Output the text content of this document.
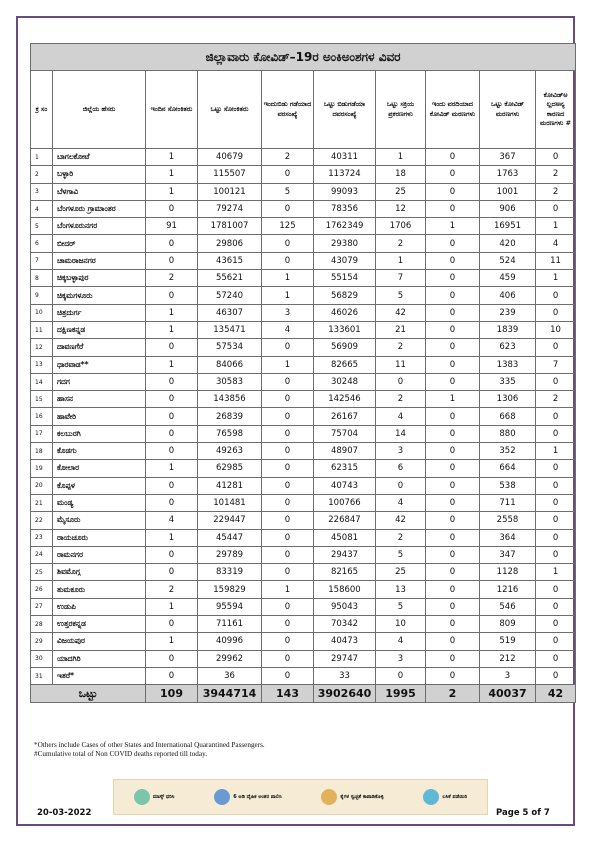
ಜಿಲ್ಲಾವಾರು ಕೋವಿಡ್–19ರ ಅಂಕಿಅಂಶಗಳ ವಿವರ									
ಕ್ರ ಸಂ	ಜಿಲ್ಲೆಯ ಹೆಸರು	ಇಂದಿನ ಸೋಂಕಿತರು	ಒಟ್ಟು ಸೋಂಕಿತರು	ಇಂದುಬಿಡು ಗಡೆಯಾದ ವರಸಂಖ್ಯೆ	ಒಟ್ಟು ಬಿಡುಗಡೆಯಾ ದವರಸಂಖ್ಯೆ	ಒಟ್ಟು ಸಕ್ರಿಯ ಪ್ರಕರಣಗಳು	ಇಂದು ವರದಿಯಾದ ಕೋವಿಡ್ ಮರಣಗಳು	ಒಟ್ಟು ಕೋವಿಡ್ ಮರಣಗಳು	ಕೋವಿಡ್‌ಅ ಲ್ಲದಅನ್ಯ ಕಾರಣದ ಮರಣಗಳು #
1	ಬಾಗಲಕೋಟೆ	1	40679	2	40311	1	0	367	0
2	ಬಳ್ಳಾರಿ	1	115507	0	113724	18	0	1763	2
3	ಬೆಳಗಾವಿ	1	100121	5	99093	25	0	1001	2
4	ಬೆಂಗಳೂರು ಗ್ರಾಮಾಂತರ	0	79274	0	78356	12	0	906	0
5	ಬೆಂಗಳೂರುನಗರ	91	1781007	125	1762349	1706	1	16951	1
6	ಬೀದರ್	0	29806	0	29380	2	0	420	4
7	ಚಾಮರಾಜನಗರ	0	43615	0	43079	1	0	524	11
8	ಚಿಕ್ಕಬಳ್ಳಾಪುರ	2	55621	1	55154	7	0	459	1
9	ಚಿಕ್ಕಮಗಳೂರು	0	57240	1	56829	5	0	406	0
10	ಚಿತ್ರದುರ್ಗ	1	46307	3	46026	42	0	239	0
11	ದಕ್ಷಿಣಕನ್ನಡ	1	135471	4	133601	21	0	1839	10
12	ದಾವಣಗೆರೆ	0	57534	0	56909	2	0	623	0
13	ಧಾರವಾಡ**	1	84066	1	82665	11	0	1383	7
14	ಗದಗ	0	30583	0	30248	0	0	335	0
15	ಹಾಸನ	0	143856	0	142546	2	1	1306	2
16	ಹಾವೇರಿ	0	26839	0	26167	4	0	668	0
17	ಕಲಬುರಗಿ	0	76598	0	75704	14	0	880	0
18	ಕೊಡಗು	0	49263	0	48907	3	0	352	1
19	ಕೋಲಾರ	1	62985	0	62315	6	0	664	0
20	ಕೊಪ್ಪಳ	0	41281	0	40743	0	0	538	0
21	ಮಂಡ್ಯ	0	101481	0	100766	4	0	711	0
22	ಮೈಸೂರು	4	229447	0	226847	42	0	2558	0
23	ರಾಯಚೂರು	1	45447	0	45081	2	0	364	0
24	ರಾಮನಗರ	0	29789	0	29437	5	0	347	0
25	ಶಿವಮೊಗ್ಗ	0	83319	0	82165	25	0	1128	1
26	ತುಮಕೂರು	2	159829	1	158600	13	0	1216	0
27	ಉಡುಪಿ	1	95594	0	95043	5	0	546	0
28	ಉತ್ತರಕನ್ನಡ	0	71161	0	70342	10	0	809	0
29	ವಿಜಯಪುರ	1	40996	0	40473	4	0	519	0
30	ಯಾದಗಿರಿ	0	29962	0	29747	3	0	212	0
31	ಇತರೆ*	0	36	0	33	0	0	3	0
ಒಟ್ಟು		109	3944714	143	3902640	1995	2	40037	42
*Others include Cases of other States and International Quarantined Passengers.
#Cumulative total of Non COVID deaths reported till today.
ಮಾಸ್ಕ್ ಧರಿಸಿ	6 ಅಡಿ ದೈಹಿಕ ಅಂತರ ಪಾಲಿಸಿ	ಕೈಗಳ ಸ್ವಚ್ಛತೆ ಕಾಪಾಡಿಕೊಳ್ಳಿ	ಲಸಿಕೆ ಪಡೆಯಿರಿ
20-03-2022	Page 5 of 7
